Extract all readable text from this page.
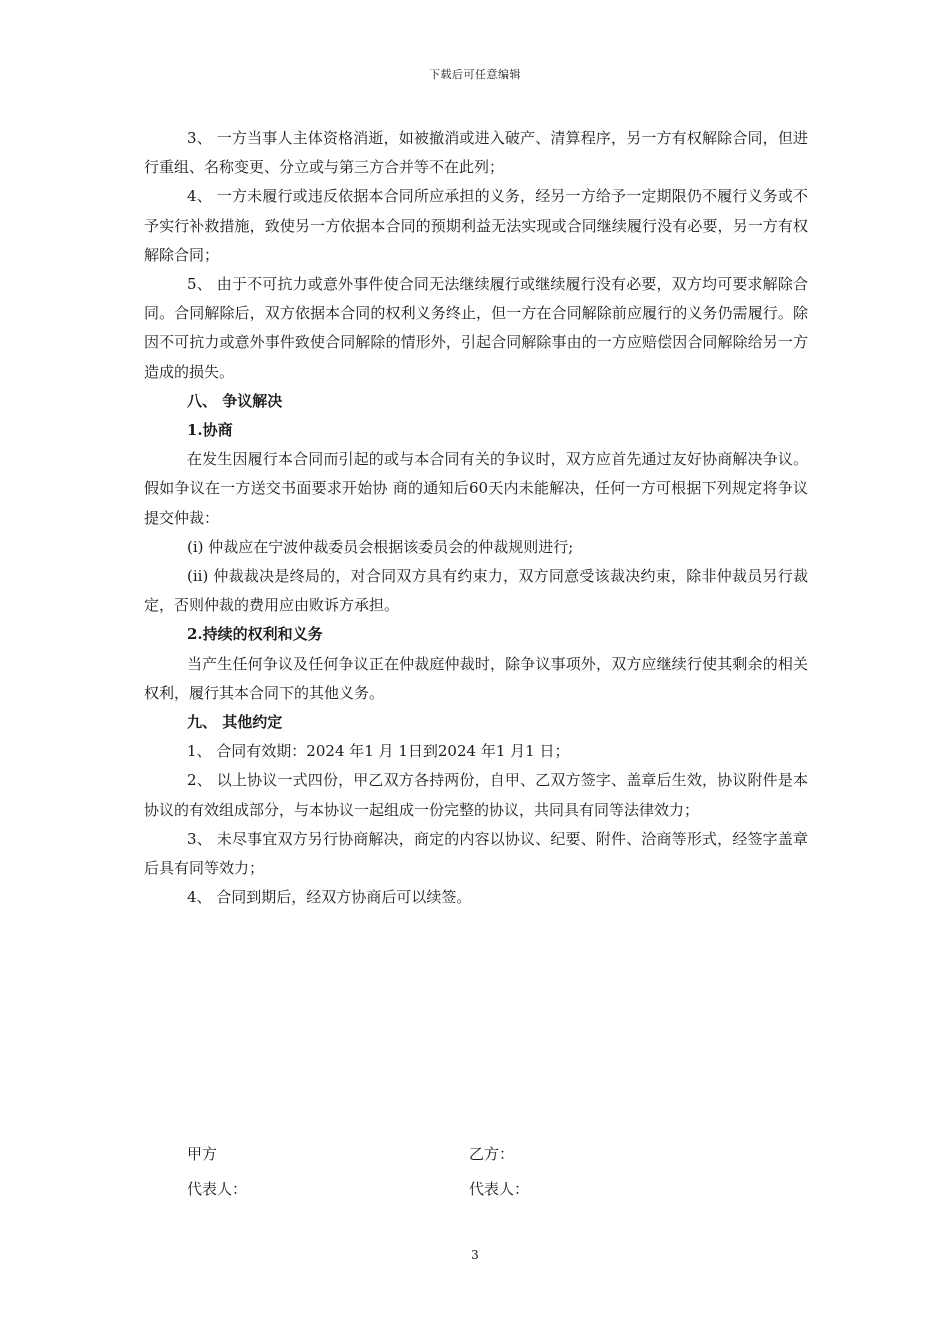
下载后可任意编辑

3、 一方当事人主体资格消逝，如被撤消或进入破产、清算程序，另一方有权解除合同，但进行重组、名称变更、分立或与第三方合并等不在此列；

4、 一方未履行或违反依据本合同所应承担的义务，经另一方给予一定期限仍不履行义务或不予实行补救措施，致使另一方依据本合同的预期利益无法实现或合同继续履行没有必要，另一方有权解除合同；

5、 由于不可抗力或意外事件使合同无法继续履行或继续履行没有必要，双方均可要求解除合同。合同解除后，双方依据本合同的权利义务终止，但一方在合同解除前应履行的义务仍需履行。除因不可抗力或意外事件致使合同解除的情形外，引起合同解除事由的一方应赔偿因合同解除给另一方造成的损失。

八、 争议解决

1.协商

在发生因履行本合同而引起的或与本合同有关的争议时，双方应首先通过友好协商解决争议。假如争议在一方送交书面要求开始协 商的通知后60天内未能解决，任何一方可根据下列规定将争议提交仲裁：

(i) 仲裁应在宁波仲裁委员会根据该委员会的仲裁规则进行;

(ii) 仲裁裁决是终局的，对合同双方具有约束力，双方同意受该裁决约束，除非仲裁员另行裁定，否则仲裁的费用应由败诉方承担。

2.持续的权利和义务

当产生任何争议及任何争议正在仲裁庭仲裁时，除争议事项外，双方应继续行使其剩余的相关权利，履行其本合同下的其他义务。

九、 其他约定

1、 合同有效期：2024 年1 月 1日到2024 年1 月1 日；

2、 以上协议一式四份，甲乙双方各持两份，自甲、乙双方签字、盖章后生效，协议附件是本协议的有效组成部分，与本协议一起组成一份完整的协议，共同具有同等法律效力；

3、 未尽事宜双方另行协商解决，商定的内容以协议、纪要、附件、洽商等形式，经签字盖章后具有同等效力；

4、 合同到期后，经双方协商后可以续签。

甲方	乙方：
代表人：	代表人：
3
